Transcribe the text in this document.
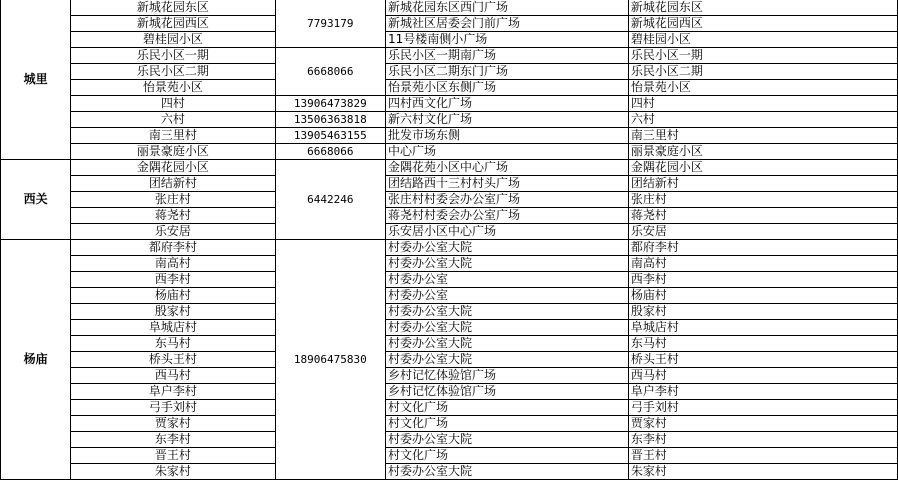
城里	新城花园东区	7793179	新城花园东区西门广场	新城花园东区
	新城花园西区		新城社区居委会门前广场	新城花园西区
	碧桂园小区		11号楼南侧小广场	碧桂园小区
	乐民小区一期	6668066	乐民小区一期南广场	乐民小区一期
	乐民小区二期		乐民小区二期东门广场	乐民小区二期
	怡景苑小区		怡景苑小区东侧广场	怡景苑小区
	四村	13906473829	四村西文化广场	四村
	六村	13506363818	新六村文化广场	六村
	南三里村	13905463155	批发市场东侧	南三里村
	丽景豪庭小区	6668066	中心广场	丽景豪庭小区
西关	金隅花园小区	6442246	金隅花苑小区中心广场	金隅花园小区
	团结新村		团结路西十三村村头广场	团结新村
	张庄村		张庄村村委会办公室广场	张庄村
	蒋尧村		蒋尧村村委会办公室广场	蒋尧村
	乐安居		乐安居小区中心广场	乐安居
杨庙	都府李村	18906475830	村委办公室大院	都府李村
	南高村		村委办公室大院	南高村
	西李村		村委办公室	西李村
	杨庙村		村委办公室	杨庙村
	殷家村		村委办公室大院	殷家村
	阜城店村		村委办公室大院	阜城店村
	东马村		村委办公室大院	东马村
	桥头王村		村委办公室大院	桥头王村
	西马村		乡村记忆体验馆广场	西马村
	阜户李村		乡村记忆体验馆广场	阜户李村
	弓手刘村		村文化广场	弓手刘村
	贾家村		村文化广场	贾家村
	东李村		村委办公室大院	东李村
	晋王村		村文化广场	晋王村
	朱家村		村委办公室大院	朱家村
